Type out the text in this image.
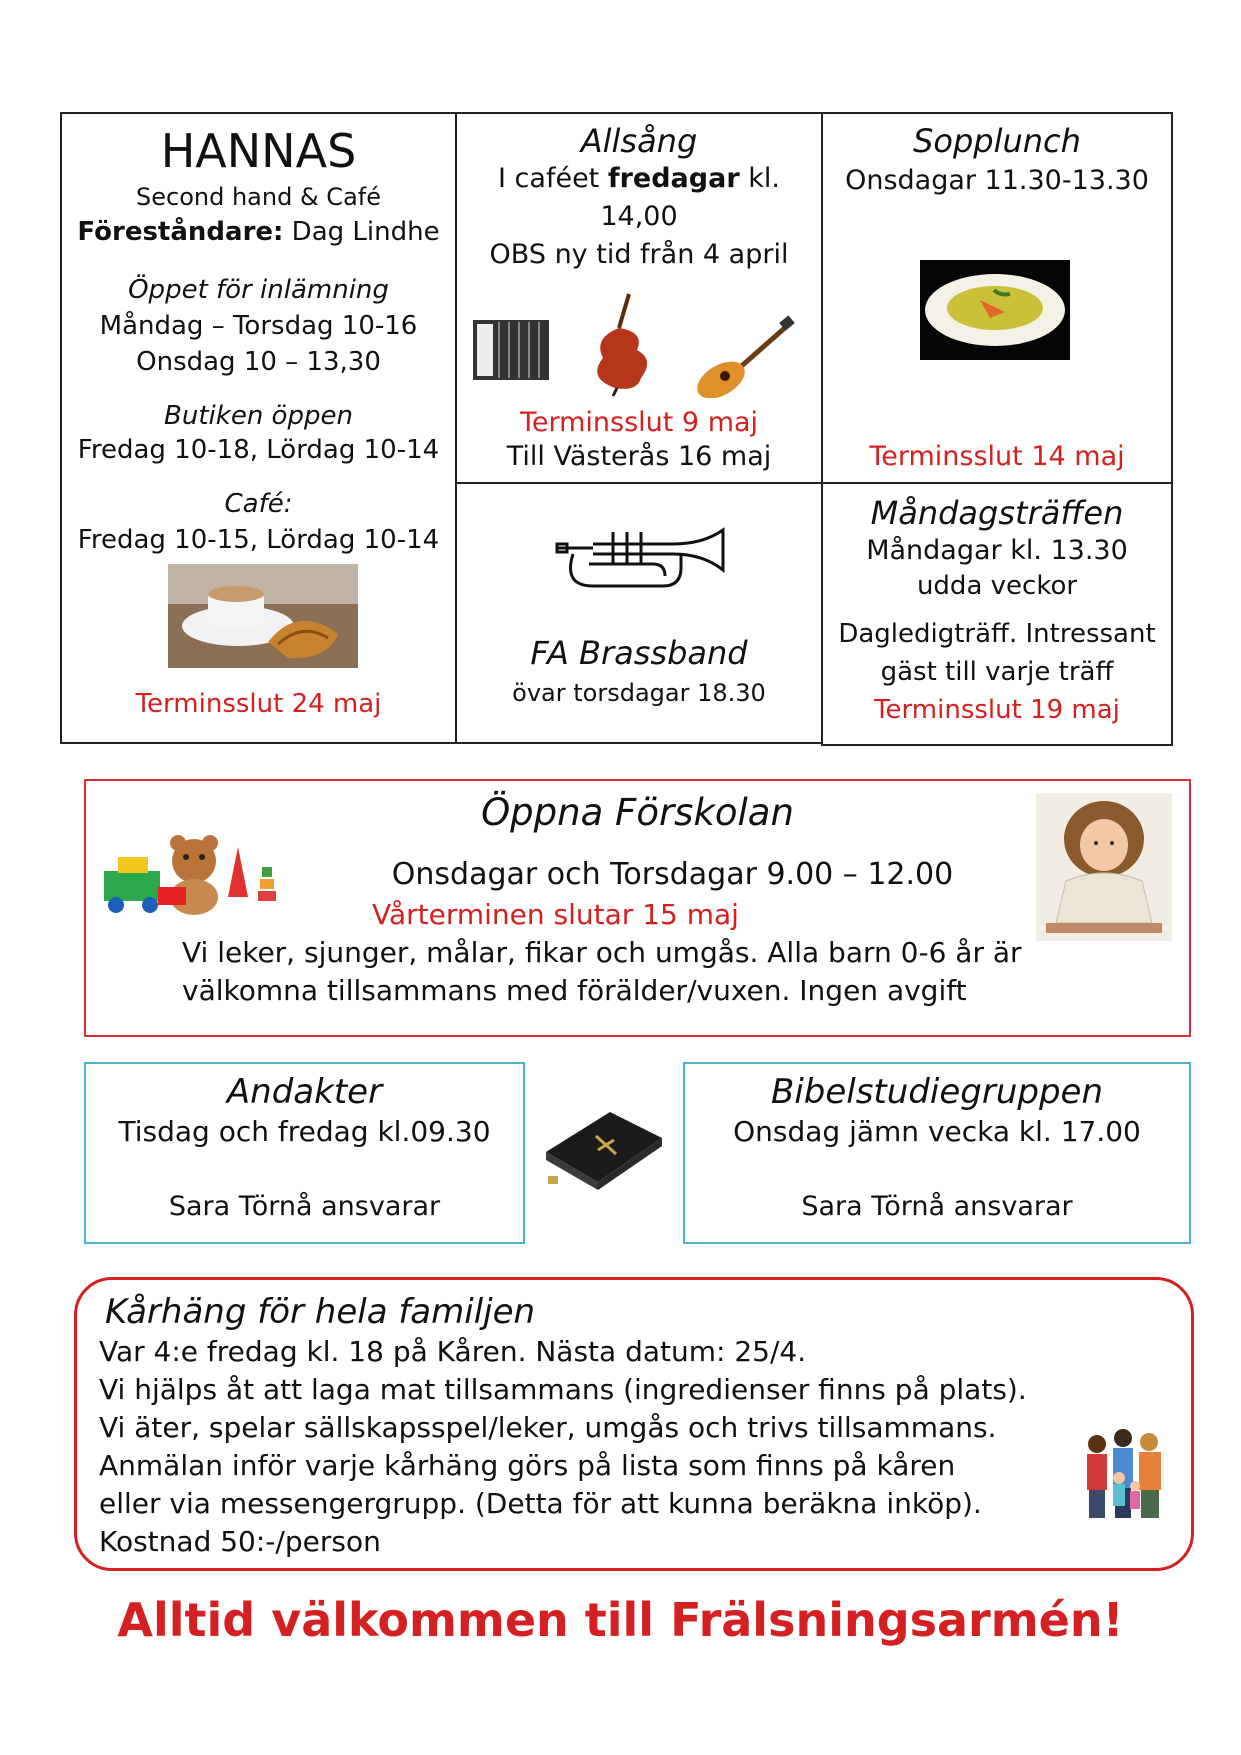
HANNAS
Second hand & Café
Föreståndare: Dag Lindhe
Öppet för inlämning
Måndag – Torsdag 10-16
Onsdag 10 – 13,30
Butiken öppen
Fredag 10-18, Lördag 10-14
Café:
Fredag 10-15, Lördag 10-14
Terminsslut 24 maj
Allsång
I caféet fredagar kl.
14,00
OBS ny tid från 4 april
Terminsslut 9 maj
Till Västerås 16 maj
Sopplunch
Onsdagar 11.30-13.30
Terminsslut 14 maj
FA Brassband
övar torsdagar 18.30
Måndagsträffen
Måndagar kl. 13.30
udda veckor
Dagledigträff. Intressant
gäst till varje träff
Terminsslut 19 maj
Öppna Förskolan
Onsdagar och Torsdagar 9.00 – 12.00
Vårterminen slutar 15 maj
Vi leker, sjunger, målar, fikar och umgås. Alla barn 0-6 år är
välkomna tillsammans med förälder/vuxen. Ingen avgift
Andakter
Tisdag och fredag kl.09.30
Sara Törnå ansvarar
Bibelstudiegruppen
Onsdag jämn vecka kl. 17.00
Sara Törnå ansvarar
Kårhäng för hela familjen
Var 4:e fredag kl. 18 på Kåren. Nästa datum: 25/4.
Vi hjälps åt att laga mat tillsammans (ingredienser finns på plats).
Vi äter, spelar sällskapsspel/leker, umgås och trivs tillsammans.
Anmälan inför varje kårhäng görs på lista som finns på kåren
eller via messengergrupp. (Detta för att kunna beräkna inköp).
Kostnad 50:-/person
Alltid välkommen till Frälsningsarmén!
